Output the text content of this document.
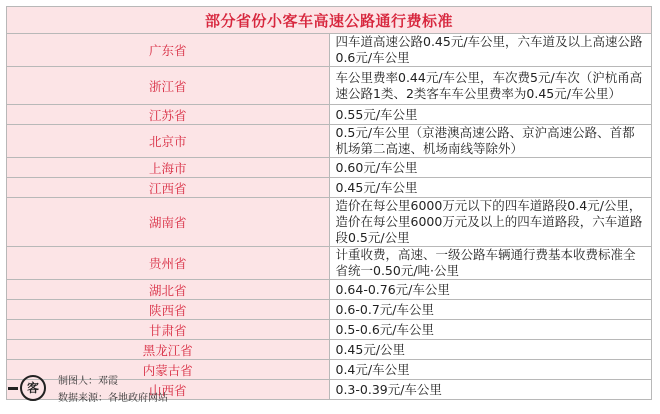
部分省份小客车高速公路通行费标准	
广东省	四车道高速公路0.45元/车公里，六车道及以上高速公路0.6元/车公里
浙江省	车公里费率0.44元/车公里，车次费5元/车次（沪杭甬高速公路1类、2类客车车公里费率为0.45元/车公里）
江苏省	0.55元/车公里
北京市	0.5元/车公里（京港澳高速公路、京沪高速公路、首都机场第二高速、机场南线等除外）
上海市	0.60元/车公里
江西省	0.45元/车公里
湖南省	造价在每公里6000万元以下的四车道路段0.4元/公里，造价在每公里6000万元及以上的四车道路段，六车道路段0.5元/公里
贵州省	计重收费，高速、一级公路车辆通行费基本收费标准全省统一0.50元/吨·公里
湖北省	0.64-0.76元/车公里
陕西省	0.6-0.7元/车公里
甘肃省	0.5-0.6元/车公里
黑龙江省	0.45元/公里
内蒙古省	0.4元/车公里
山西省	0.3-0.39元/车公里
客	制图人：邓霞
数据来源：各地政府网站
